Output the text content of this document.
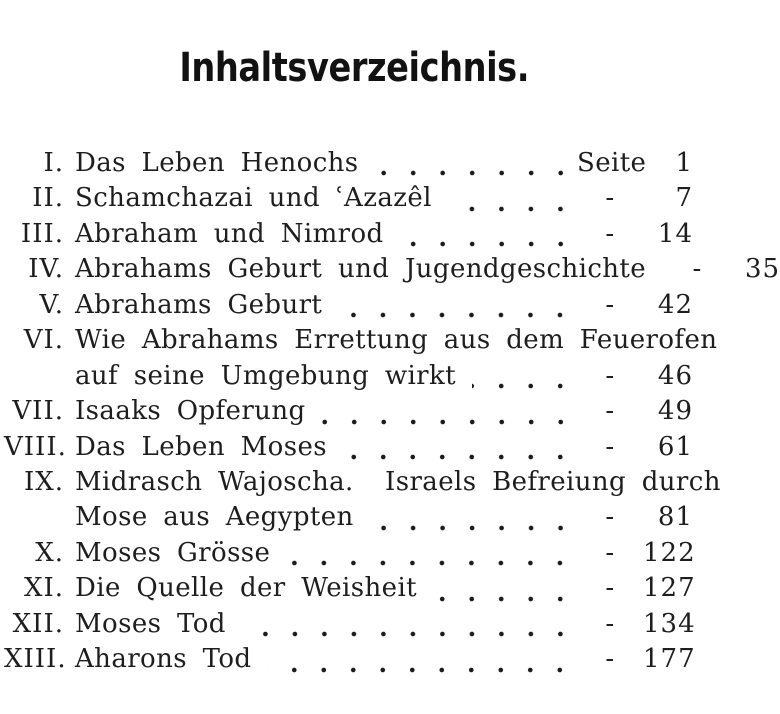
Inhaltsverzeichnis.
I. Das Leben Henochs	Seite	1
II. Schamchazai und ʿAzazêl	-	7
III. Abraham und Nimrod	-	14
IV. Abrahams Geburt und Jugendgeschichte	-	35
V. Abrahams Geburt	-	42
VI. Wie Abrahams Errettung aus dem Feuerofen
auf seine Umgebung wirkt	-	46
VII. Isaaks Opferung	-	49
VIII. Das Leben Moses	-	61
IX. Midrasch Wajoscha.  Israels Befreiung durch
Mose aus Aegypten	-	81
X. Moses Grösse	-	122
XI. Die Quelle der Weisheit	-	127
XII. Moses Tod	-	134
XIII. Aharons Tod	-	177
